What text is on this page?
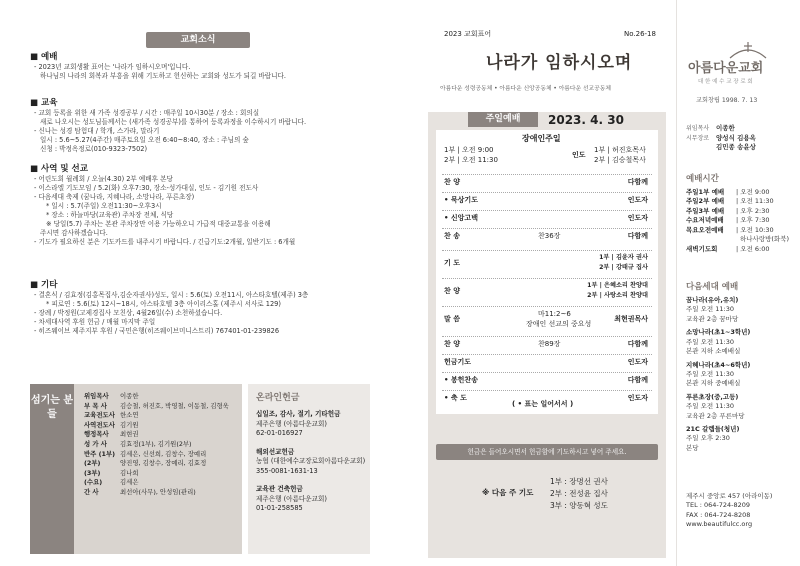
교회소식
■ 예배
- 2023년 교회생활 표어는 '나라가 임하시오며'입니다.
하나님의 나라의 회복과 부흥을 위해 기도하고 헌신하는 교회와 성도가 되길 바랍니다.
■ 교육
- 교회 등록을 위한 새 가족 성경공부 / 시간 : 매주일 10시30분 / 장소 : 회의실
새로 나오시는 성도님들께서는 (새가족 성경공부)를 통하여 등록과정을 이수하시기 바랍니다.
- 신나는 성경 탐험대 / 학개, 스가랴, 말라기
일시 : 5.6~5.27(4주간) 매주토요일 오전 6:40~8:40, 장소 : 주님의 숲
신청 : 박정옥정로(010-9323-7502)
■ 사역 및 선교
- 어린도회 월례회 / 오늘(4.30) 2부 예배후 본당
- 이스라엘 기도모임 / 5.2(화) 오후7:30, 장소-성가대실, 인도 - 김기원 전도사
- 다음세대 축제 (꿈나라, 지혜나라, 소망나라, 푸른초장)
* 일시 : 5.7(주일) 오전11:30~오후3시
* 장소 : 하늘마당(교육관) 주차장 전체, 식당
※ 당일(5.7) 주차는 본관 주차장만 이용 가능하오니 가급적 대중교통을 이용해
주시면 감사하겠습니다.
- 기도가 필요하신 분은 기도카드를 내주시기 바랍니다. / 긴급기도:2개월, 일반기도 : 6개월
■ 기타
- 결혼식 / 김효정(김홍목집사,김순자권사)성도, 일시 : 5.6(토) 오전11시, 아스타호텔(제주) 3층
* 피로연 : 5.6(토) 12시~18시, 아스타호텔 3층 아이리스홀 (제주시 서사로 129)
- 장례 / 박정원(고제경집사 모친상, 4월26일(수) 소천하셨습니다.
- 차세대사역 후원 헌금 / 매월 마지막 주일
- 히즈웨이브 제주지부 후원 / 국민은행(히즈웨이브미니스트리) 767401-01-239826
섬기는 분들
위임목사 이종한
부 목 사 김승철, 허진호, 박영철, 이동철, 김형욱
교육전도사 한소연
사역전도사 김기원
행정목사 최현권
성 가 사 김효정(1부), 김기원(2부)
반주 (1부) 김세은, 신선희, 김창수, 장예리
(2부)	양진영, 김창수, 장예리, 김효정
(3부)	김나희
(수요)	김세은
간 사	최선아(사무), 안성임(관리)
온라인헌금
십일조, 감사, 절기, 기타헌금
제주은행 (아름다운교회)
62-01-016927
해외선교헌금
농협 (대한예수교장로회아름다운교회)
355-0081-1631-13
교육관 건축헌금
제주은행 (아름다운교회)
01-01-258585
2023 교회표어	No.26-18
나라가 임하시오며
아름다운 성령공동체 • 아름다운 신앙공동체 • 아름다운 선교공동체
주일예배	2023. 4. 30
장애인주일
1부 | 오전 9:00
2부 | 오전 11:30
인도
1부 | 허진호목사
2부 | 김승철목사
찬 양	다함께
• 묵상기도	인도자
• 신앙고백	인도자
찬 송	찬36장	다함께
기 도
1부 | 김윤자 권사
2부 | 강태규 집사
찬 양
1부 | 은혜소리 찬양대
2부 | 사랑소리 찬양대
말 씀
마11:2~6
장애인 선교의 중요성
최현권목사
찬 양	찬89장	다함께
헌금기도	인도자
• 봉헌찬송	다함께
• 축 도	인도자
( • 표는 일어서서 )
헌금은 들어오시면서 헌금함에 기도하시고 넣어 주세요.
※ 다음 주 기도
1부 : 장명선 권사
2부 : 전성윤 집사
3부 : 양동혁 성도
아름다운교회
대 한 예 수 교 장 로 회
교회창립 1998. 7. 13
위임목사 이종한
시무장로 양성식 김용옥
김민종 송윤상
예배시간
주일1부 예배 | 오전 9:00
주일2부 예배 | 오전 11:30
주일3부 예배 | 오후 2:30
수요저녁예배 | 오후 7:30
목요오전예배 | 오전 10:30
하나사랑방(화북)
새벽기도회	| 오전 6:00
다음세대 예배
꿈나라(유아,유치)
주일 오전 11:30
교육관 2층 꿈마당
소망나라(초1~3학년)
주일 오전 11:30
본관 지하 소예배실
지혜나라(초4~6학년)
주일 오전 11:30
본관 지하 중예배실
푸른초장(중,고등)
주일 오전 11:30
교육관 2층 푸른마당
21C 갈렙들(청년)
주일 오후 2:30
본당
제주시 중앙로 457 (아라이동)
TEL : 064-724-8209
FAX : 064-724-8208
www.beautifulcc.org
